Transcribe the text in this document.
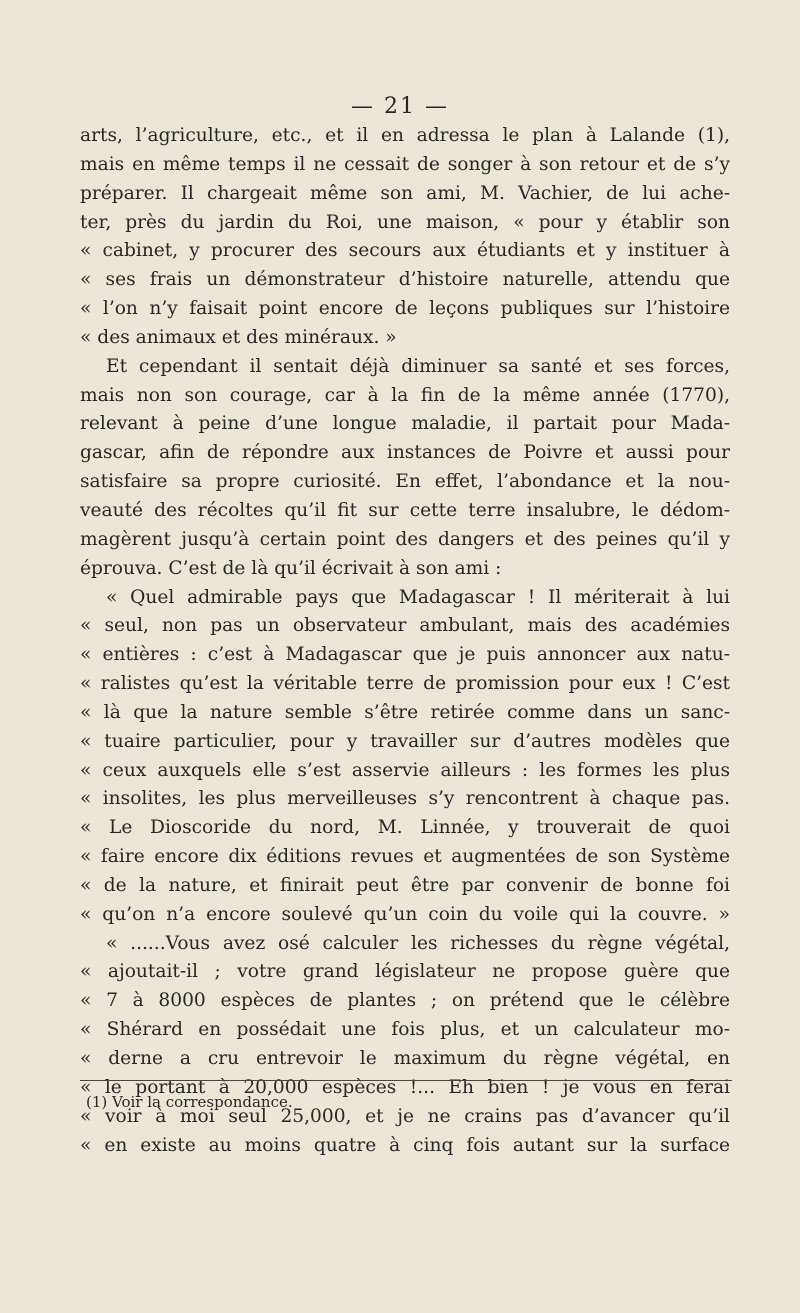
— 21 —
arts, l’agriculture, etc., et il en adressa le plan à Lalande (1),
mais en même temps il ne cessait de songer à son retour et de s’y
préparer. Il chargeait même son ami, M. Vachier, de lui ache-
ter, près du jardin du Roi, une maison, « pour y établir son
« cabinet, y procurer des secours aux étudiants et y instituer à
« ses frais un démonstrateur d’histoire naturelle, attendu que
« l’on n’y faisait point encore de leçons publiques sur l’histoire
« des animaux et des minéraux. »
Et cependant il sentait déjà diminuer sa santé et ses forces,
mais non son courage, car à la fin de la même année (1770),
relevant à peine d’une longue maladie, il partait pour Mada-
gascar, afin de répondre aux instances de Poivre et aussi pour
satisfaire sa propre curiosité. En effet, l’abondance et la nou-
veauté des récoltes qu’il fit sur cette terre insalubre, le dédom-
magèrent jusqu’à certain point des dangers et des peines qu’il y
éprouva. C’est de là qu’il écrivait à son ami :
« Quel admirable pays que Madagascar ! Il mériterait à lui
« seul, non pas un observateur ambulant, mais des académies
« entières : c’est à Madagascar que je puis annoncer aux natu-
« ralistes qu’est la véritable terre de promission pour eux ! C’est
« là que la nature semble s’être retirée comme dans un sanc-
« tuaire particulier, pour y travailler sur d’autres modèles que
« ceux auxquels elle s’est asservie ailleurs : les formes les plus
« insolites, les plus merveilleuses s’y rencontrent à chaque pas.
« Le Dioscoride du nord, M. Linnée, y trouverait de quoi
« faire encore dix éditions revues et augmentées de son Système
« de la nature, et finirait peut être par convenir de bonne foi
« qu’on n’a encore soulevé qu’un coin du voile qui la couvre. »
« ......Vous avez osé calculer les richesses du règne végétal,
« ajoutait-il ; votre grand législateur ne propose guère que
« 7 à 8000 espèces de plantes ; on prétend que le célèbre
« Shérard en possédait une fois plus, et un calculateur mo-
« derne a cru entrevoir le maximum du règne végétal, en
« le portant à 20,000 espèces !... Eh bien ! je vous en ferai
« voir à moi seul 25,000, et je ne crains pas d’avancer qu’il
« en existe au moins quatre à cinq fois autant sur la surface
(1) Voir la correspondance.
